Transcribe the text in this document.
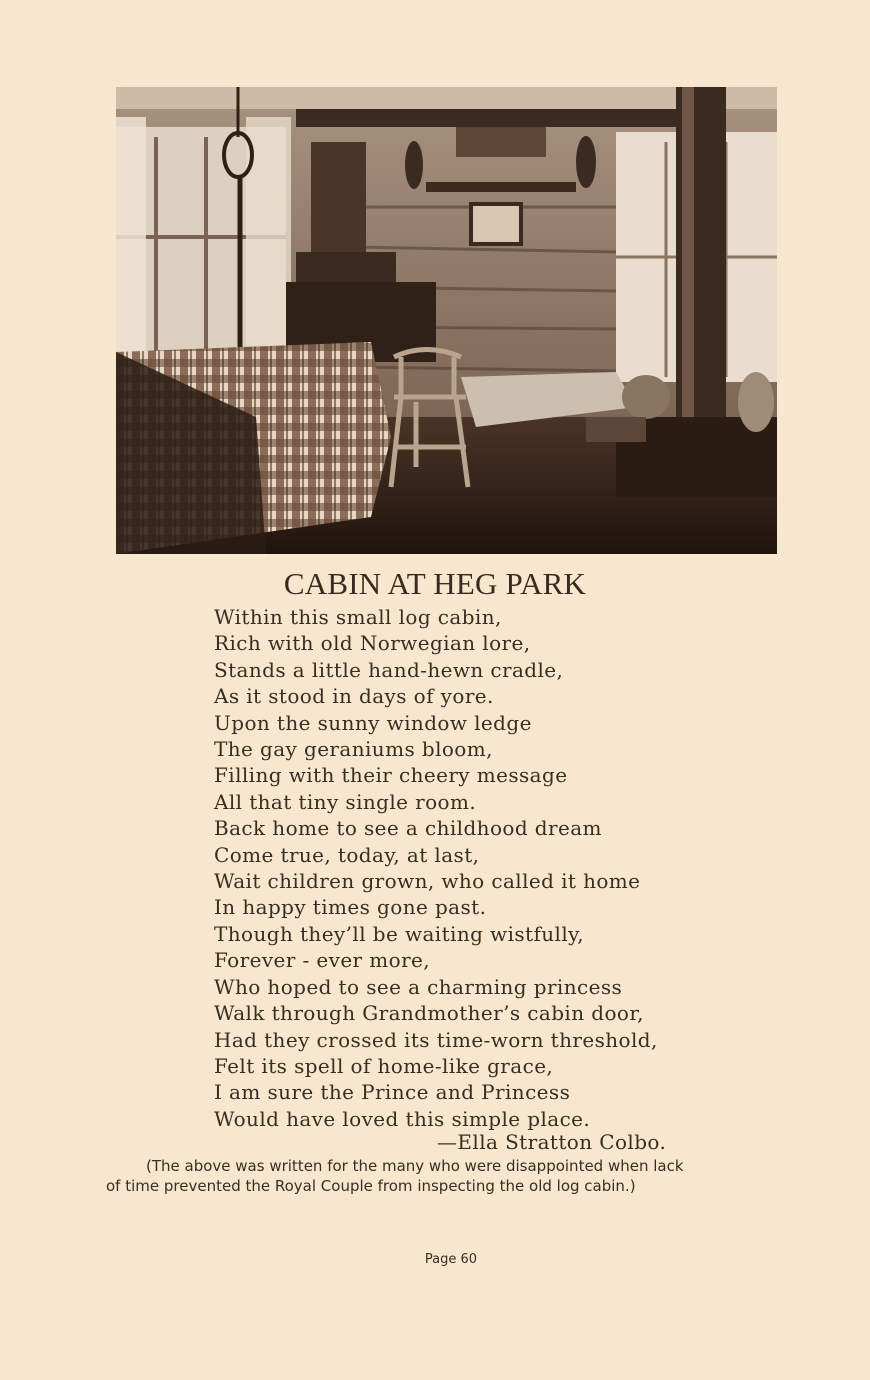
CABIN AT HEG PARK
Within this small log cabin,
Rich with old Norwegian lore,
Stands a little hand-hewn cradle,
As it stood in days of yore.
Upon the sunny window ledge
The gay geraniums bloom,
Filling with their cheery message
All that tiny single room.
Back home to see a childhood dream
Come true, today, at last,
Wait children grown, who called it home
In happy times gone past.
Though they’ll be waiting wistfully,
Forever - ever more,
Who hoped to see a charming princess
Walk through Grandmother’s cabin door,
Had they crossed its time-worn threshold,
Felt its spell of home-like grace,
I am sure the Prince and Princess
Would have loved this simple place.
—Ella Stratton Colbo.
(The above was written for the many who were disappointed when lack
of time prevented the Royal Couple from inspecting the old log cabin.)
Page 60
